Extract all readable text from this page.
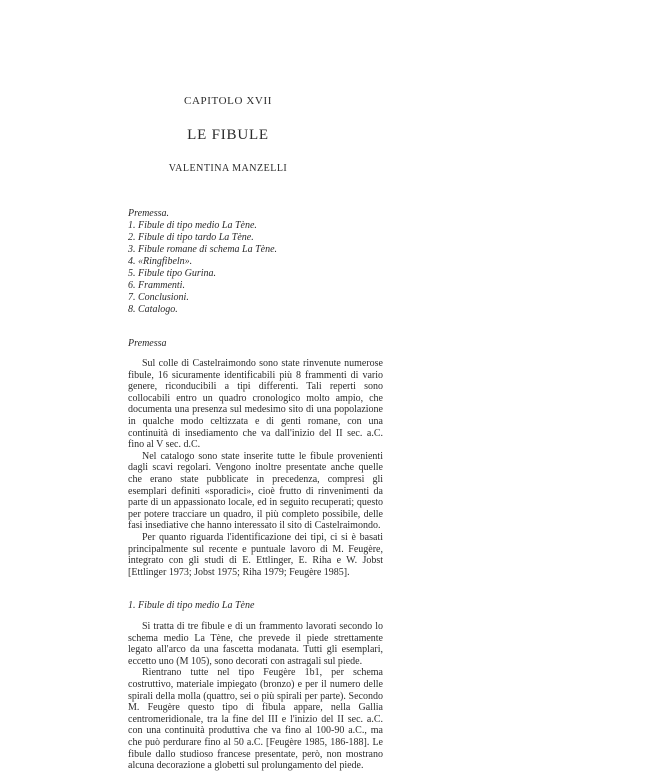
CAPITOLO XVII
LE FIBULE
VALENTINA MANZELLI
Premessa.
1. Fibule di tipo medio La Tène.
2. Fibule di tipo tardo La Tène.
3. Fibule romane di schema La Tène.
4. «Ringfibeln».
5. Fibule tipo Gurina.
6. Frammenti.
7. Conclusioni.
8. Catalogo.
Premessa

Sul colle di Castelraimondo sono state rinvenute numerose fibule, 16 sicuramente identificabili più 8 frammenti di vario genere, riconducibili a tipi differenti. Tali reperti sono collocabili entro un quadro cronologico molto ampio, che documenta una presenza sul medesimo sito di una popolazione in qualche modo celtizzata e di genti romane, con una continuità di insediamento che va dall'inizio del II sec. a.C. fino al V sec. d.C.

Nel catalogo sono state inserite tutte le fibule provenienti dagli scavi regolari. Vengono inoltre presentate anche quelle che erano state pubblicate in precedenza, compresi gli esemplari definiti «sporadici», cioè frutto di rinvenimenti da parte di un appassionato locale, ed in seguito recuperati; questo per potere tracciare un quadro, il più completo possibile, delle fasi insediative che hanno interessato il sito di Castelraimondo.

Per quanto riguarda l'identificazione dei tipi, ci si è basati principalmente sul recente e puntuale lavoro di M. Feugère, integrato con gli studi di E. Ettlinger, E. Riha e W. Jobst [Ettlinger 1973; Jobst 1975; Riha 1979; Feugère 1985].

1. Fibule di tipo medio La Tène

Si tratta di tre fibule e di un frammento lavorati secondo lo schema medio La Tène, che prevede il piede strettamente legato all'arco da una fascetta modanata. Tutti gli esemplari, eccetto uno (M 105), sono decorati con astragali sul piede.

Rientrano tutte nel tipo Feugère 1b1, per schema costruttivo, materiale impiegato (bronzo) e per il numero delle spirali della molla (quattro, sei o più spirali per parte). Secondo M. Feugère questo tipo di fibula appare, nella Gallia centromeridionale, tra la fine del III e l'inizio del II sec. a.C. con una continuità produttiva che va fino al 100-90 a.C., ma che può perdurare fino al 50 a.C. [Feugère 1985, 186-188]. Le fibule dallo studioso francese presentate, però, non mostrano alcuna decorazione a globetti sul prolungamento del piede.
